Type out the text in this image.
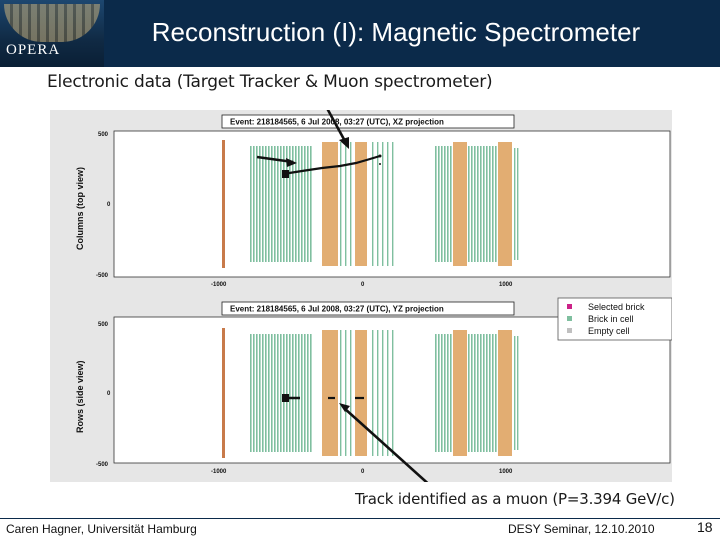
OPERA
Reconstruction (I): Magnetic Spectrometer
Electronic data (Target Tracker & Muon spectrometer)
Event: 218184565, 6 Jul 2008, 03:27 (UTC), XZ projection
Columns (top view)
500
0
-500
-1000	0	1000
Event: 218184565, 6 Jul 2008, 03:27 (UTC), YZ projection
Rows (side view)
500
0
-500
-1000	0	1000
Selected brick
Brick in cell
Empty cell
Track identified as a muon (P=3.394 GeV/c)
Caren Hagner, Universität Hamburg	DESY Seminar, 12.10.2010	18
